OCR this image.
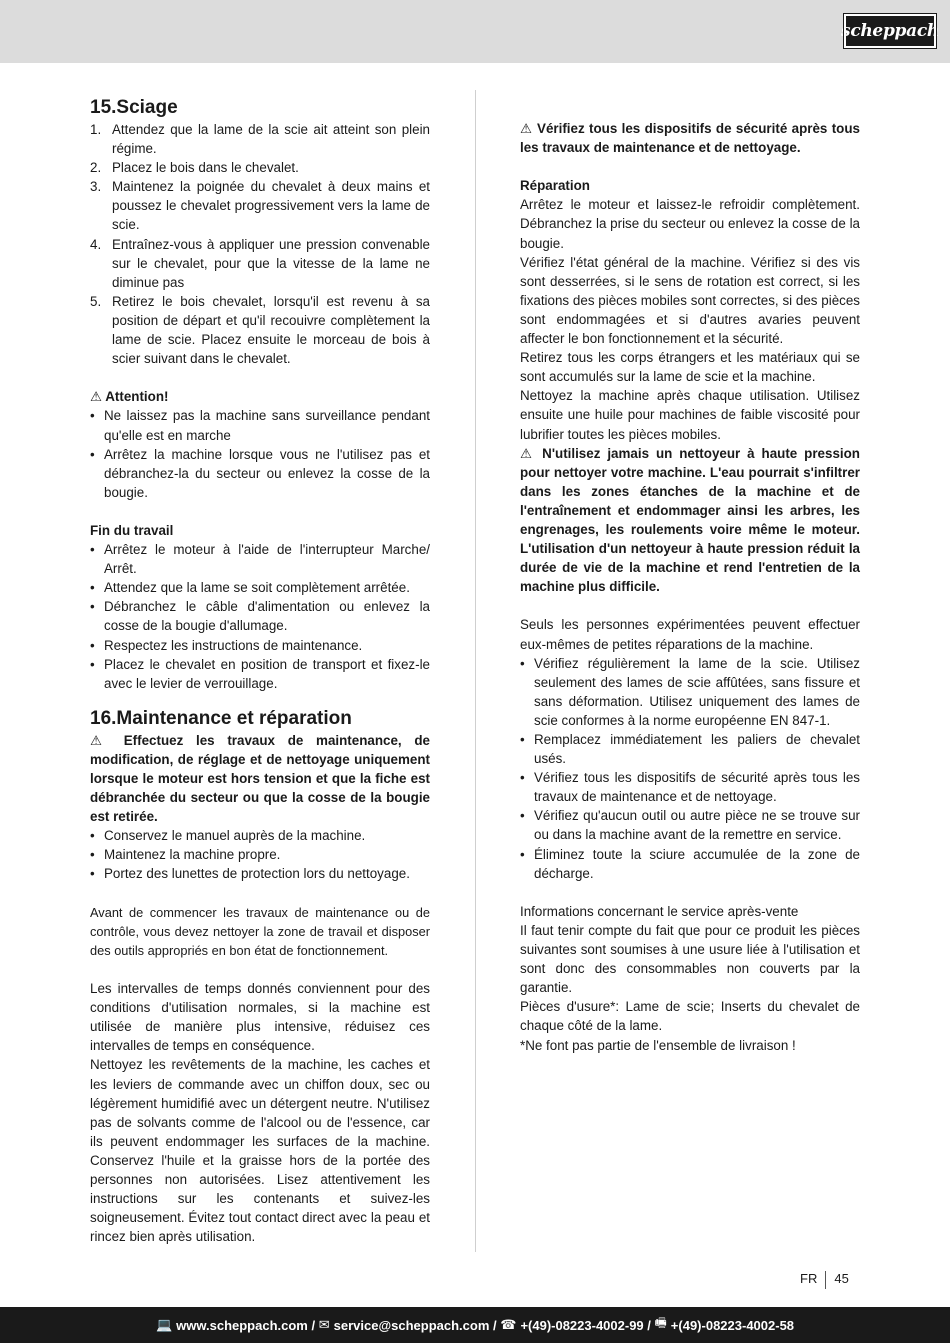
scheppach
15.Sciage
1. Attendez que la lame de la scie ait atteint son plein régime.
2. Placez le bois dans le chevalet.
3. Maintenez la poignée du chevalet à deux mains et poussez le chevalet progressivement vers la lame de scie.
4. Entraînez-vous à appliquer une pression convenable sur le chevalet, pour que la vitesse de la lame ne diminue pas
5. Retirez le bois chevalet, lorsqu'il est revenu à sa position de départ et qu'il recouivre complètement la lame de scie. Placez ensuite le morceau de bois à scier suivant dans le chevalet.
⚠ Attention!
• Ne laissez pas la machine sans surveillance pendant qu'elle est en marche
• Arrêtez la machine lorsque vous ne l'utilisez pas et débranchez-la du secteur ou enlevez la cosse de la bougie.
Fin du travail
• Arrêtez le moteur à l'aide de l'interrupteur Marche/ Arrêt.
• Attendez que la lame se soit complètement arrêtée.
• Débranchez le câble d'alimentation ou enlevez la cosse de la bougie d'allumage.
• Respectez les instructions de maintenance.
• Placez le chevalet en position de transport et fixez-le avec le levier de verrouillage.
16.Maintenance et réparation

⚠ Effectuez les travaux de maintenance, de modification, de réglage et de nettoyage uniquement lorsque le moteur est hors tension et que la fiche est débranchée du secteur ou que la cosse de la bougie est retirée.

• Conservez le manuel auprès de la machine.
• Maintenez la machine propre.
• Portez des lunettes de protection lors du nettoyage.

Avant de commencer les travaux de maintenance ou de contrôle, vous devez nettoyer la zone de travail et disposer des outils appropriés en bon état de fonctionnement.

Les intervalles de temps donnés conviennent pour des conditions d'utilisation normales, si la machine est utilisée de manière plus intensive, réduisez ces intervalles de temps en conséquence.

Nettoyez les revêtements de la machine, les caches et les leviers de commande avec un chiffon doux, sec ou légèrement humidifié avec un détergent neutre. N'utilisez pas de solvants comme de l'alcool ou de l'essence, car ils peuvent endommager les surfaces de la machine. Conservez l'huile et la graisse hors de la portée des personnes non autorisées. Lisez attentivement les instructions sur les contenants et suivez-les soigneusement. Évitez tout contact direct avec la peau et rincez bien après utilisation.

⚠ Vérifiez tous les dispositifs de sécurité après tous les travaux de maintenance et de nettoyage.

Réparation

Arrêtez le moteur et laissez-le refroidir complètement. Débranchez la prise du secteur ou enlevez la cosse de la bougie.

Vérifiez l'état général de la machine. Vérifiez si des vis sont desserrées, si le sens de rotation est correct, si les fixations des pièces mobiles sont correctes, si des pièces sont endommagées et si d'autres avaries peuvent affecter le bon fonctionnement et la sécurité.

Retirez tous les corps étrangers et les matériaux qui se sont accumulés sur la lame de scie et la machine.

Nettoyez la machine après chaque utilisation. Utilisez ensuite une huile pour machines de faible viscosité pour lubrifier toutes les pièces mobiles.

⚠ N'utilisez jamais un nettoyeur à haute pression pour nettoyer votre machine. L'eau pourrait s'infiltrer dans les zones étanches de la machine et de l'entraînement et endommager ainsi les arbres, les engrenages, les roulements voire même le moteur. L'utilisation d'un nettoyeur à haute pression réduit la durée de vie de la machine et rend l'entretien de la machine plus difficile.

Seuls les personnes expérimentées peuvent effectuer eux-mêmes de petites réparations de la machine.

• Vérifiez régulièrement la lame de la scie. Utilisez seulement des lames de scie affûtées, sans fissure et sans déformation. Utilisez uniquement des lames de scie conformes à la norme européenne EN 847-1.
• Remplacez immédiatement les paliers de chevalet usés.
• Vérifiez tous les dispositifs de sécurité après tous les travaux de maintenance et de nettoyage.
• Vérifiez qu'aucun outil ou autre pièce ne se trouve sur ou dans la machine avant de la remettre en service.
• Éliminez toute la sciure accumulée de la zone de décharge.

Informations concernant le service après-vente

Il faut tenir compte du fait que pour ce produit les pièces suivantes sont soumises à une usure liée à l'utilisation et sont donc des consommables non couverts par la garantie.

Pièces d'usure*: Lame de scie; Inserts du chevalet de chaque côté de la lame.

*Ne font pas partie de l'ensemble de livraison !

FR 45
💻 www.scheppach.com /
✉ service@scheppach.com /
☎ +(49)-08223-4002-99 /
🖷 +(49)-08223-4002-58
